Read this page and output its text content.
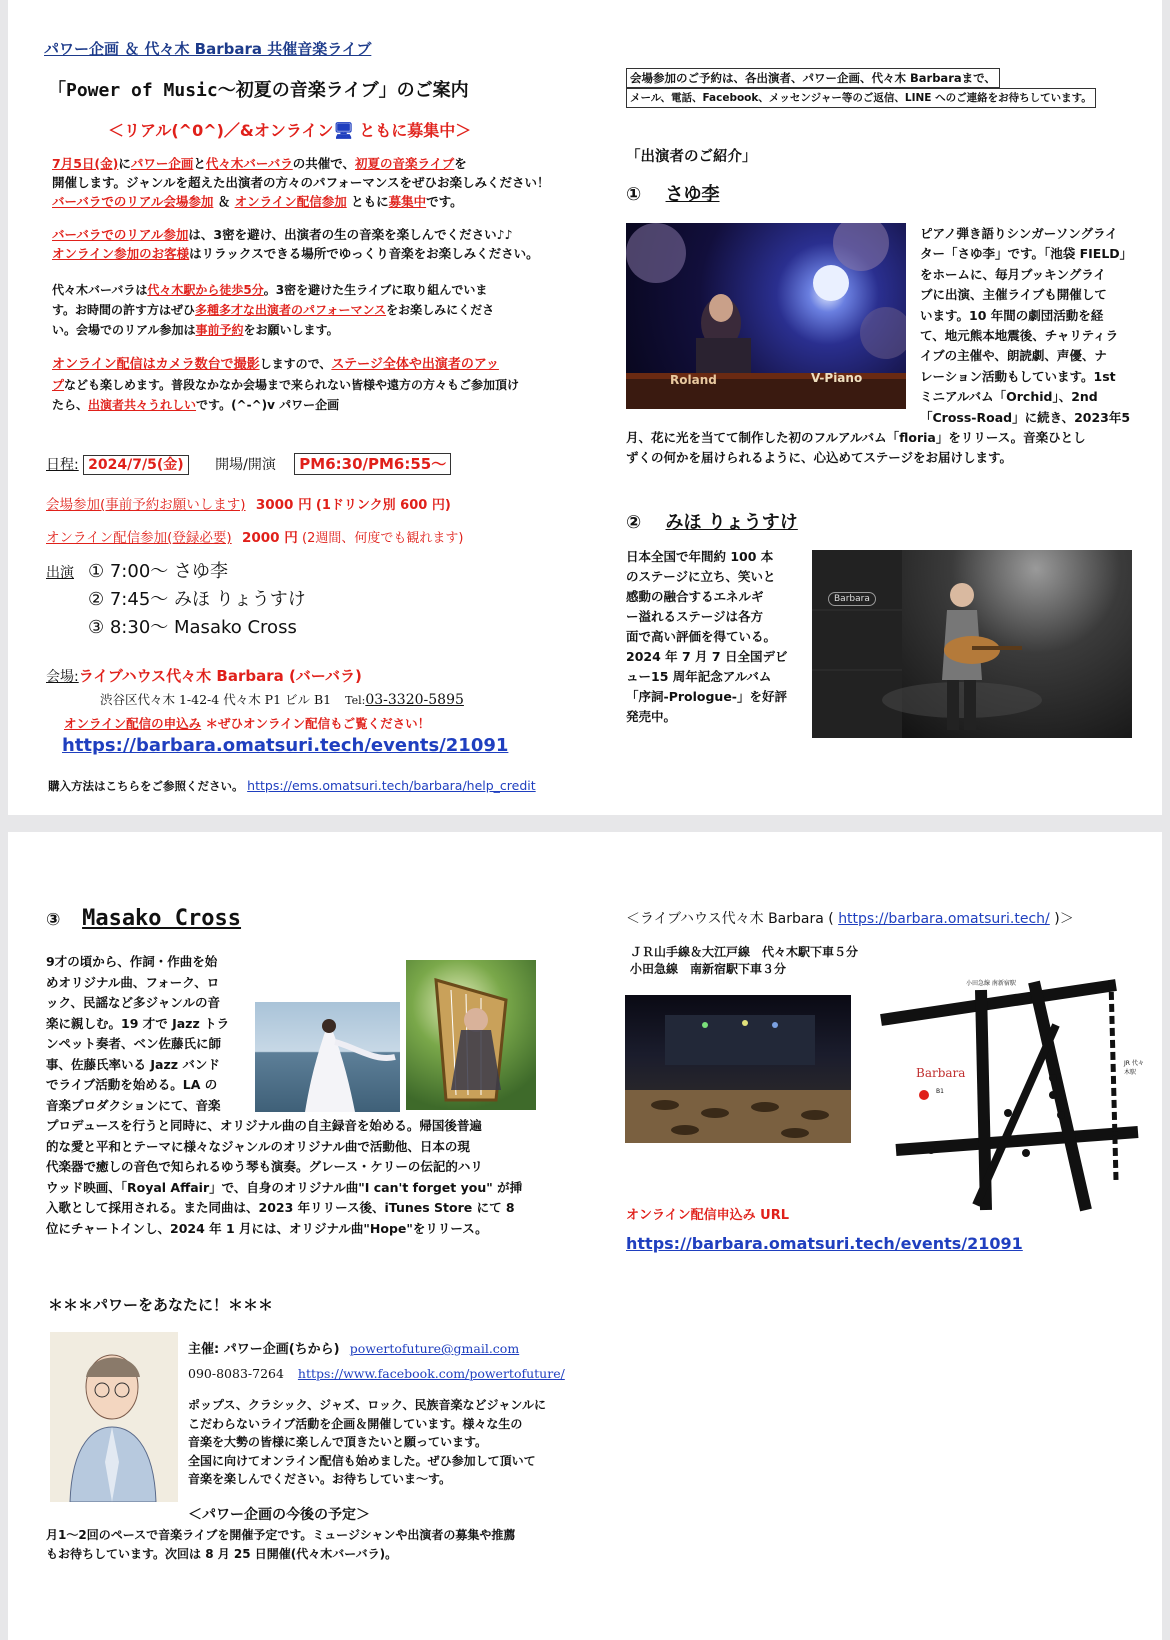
パワー企画 ＆ 代々木 Barbara 共催音楽ライブ
「Power of Music～初夏の音楽ライブ」のご案内
＜リアル(^0^)／&オンライン🖥 ともに募集中＞

7月5日(金)にパワー企画と代々木バーバラの共催で、初夏の音楽ライブを

開催します。ジャンルを超えた出演者の方々のパフォーマンスをぜひお楽しみください！

バーバラでのリアル会場参加 ＆ オンライン配信参加 ともに募集中です。

バーバラでのリアル参加は、3密を避け、出演者の生の音楽を楽しんでください♪♪

オンライン参加のお客様はリラックスできる場所でゆっくり音楽をお楽しみください。

代々木バーバラは代々木駅から徒歩5分。3密を避けた生ライブに取り組んでいま

す。お時間の許す方はぜひ多種多才な出演者のパフォーマンスをお楽しみにくださ

い。会場でのリアル参加は事前予約をお願いします。

オンライン配信はカメラ数台で撮影しますので、ステージ全体や出演者のアッ

プなども楽しめます。普段なかなか会場まで来られない皆様や遠方の方々もご参加頂け

たら、出演者共々うれしいです。(^-^)v パワー企画

日程: 2024/7/5(金) 開場/開演 PM6:30/PM6:55～
会場参加(事前予約お願いします) 3000 円 (1ドリンク別 600 円)
オンライン配信参加(登録必要) 2000 円 (2週間、何度でも観れます)
出演 ① 7:00～ さゆ李

② 7:45～ みほ りょうすけ

③ 8:30～ Masako Cross

会場:ライブハウス代々木 Barbara (バーバラ)
渋谷区代々木 1-42-4 代々木 P1 ビル B1 Tel:03-3320-5895
オンライン配信の申込み ＊ぜひオンライン配信もご覧ください！
https://barbara.omatsuri.tech/events/21091
購入方法はこちらをご参照ください。 https://ems.omatsuri.tech/barbara/help_credit
会場参加のご予約は、各出演者、パワー企画、代々木 Barbaraまで、
メール、電話、Facebook、メッセンジャー等のご返信、LINE へのご連絡をお待ちしています。
「出演者のご紹介」
① さゆ李
Roland	V-Piano

ピアノ弾き語りシンガーソングライ

ター「さゆ李」です。「池袋 FIELD」

をホームに、毎月ブッキングライ

ブに出演、主催ライブも開催して

います。10 年間の劇団活動を経

て、地元熊本地震後、チャリティラ

イブの主催や、朗読劇、声優、ナ

レーション活動もしています。1st

ミニアルバム「Orchid」、2nd

「Cross-Road」に続き、2023年5

月、花に光を当てて制作した初のフルアルバム「floria」をリリース。音楽ひとし

ずくの何かを届けられるように、心込めてステージをお届けします。

② みほ りょうすけ

日本全国で年間約 100 本

のステージに立ち、笑いと

感動の融合するエネルギ

ー溢れるステージは各方

面で高い評価を得ている。

2024 年 7 月 7 日全国デビ

ュー15 周年記念アルバム

「序詞-Prologue-」を好評

発売中。

Barbara
③ Masako Cross

9才の頃から、作詞・作曲を始

めオリジナル曲、フォーク、ロ

ック、民謡など多ジャンルの音

楽に親しむ。19 才で Jazz トラ

ンペット奏者、ベン佐藤氏に師

事、佐藤氏率いる Jazz バンド

でライブ活動を始める。LA の

音楽プロダクションにて、音楽

プロデュースを行うと同時に、オリジナル曲の自主録音を始める。帰国後普遍

的な愛と平和とテーマに様々なジャンルのオリジナル曲で活動他、日本の現

代楽器で癒しの音色で知られるゆう琴も演奏。グレース・ケリーの伝記的ハリ

ウッド映画、「Royal Affair」で、自身のオリジナル曲"I can't forget you" が挿

入歌として採用される。また同曲は、2023 年リリース後、iTunes Store にて 8

位にチャートインし、2024 年 1 月には、オリジナル曲"Hope"をリリース。

＊＊＊パワーをあなたに！＊＊＊
主催: パワー企画(ちから) powertofuture@gmail.com
090-8083-7264 https://www.facebook.com/powertofuture/

ポップス、クラシック、ジャズ、ロック、民族音楽などジャンルに

こだわらないライブ活動を企画＆開催しています。様々な生の

音楽を大勢の皆様に楽しんで頂きたいと願っています。

全国に向けてオンライン配信も始めました。ぜひ参加して頂いて

音楽を楽しんでください。お待ちしていま～す。

＜パワー企画の今後の予定＞

月1～2回のペースで音楽ライブを開催予定です。ミュージシャンや出演者の募集や推薦

もお待ちしています。次回は 8 月 25 日開催(代々木バーバラ)。

＜ライブハウス代々木 Barbara ( https://barbara.omatsuri.tech/ )＞

ＪＲ山手線＆大江戸線　代々木駅下車５分

小田急線　南新宿駅下車３分

Barbara
小田急線 南新宿駅
JR 代々木駅
B1
オンライン配信申込み URL
https://barbara.omatsuri.tech/events/21091
